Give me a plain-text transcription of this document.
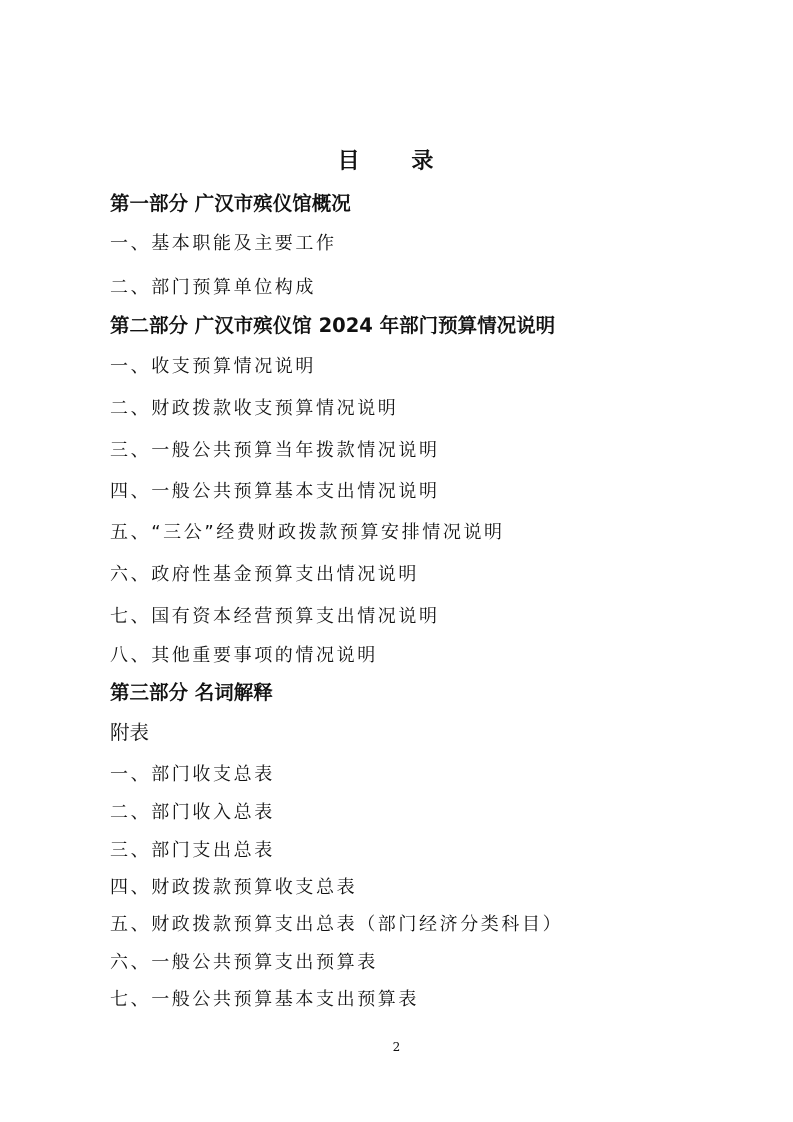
目 录
第一部分 广汉市殡仪馆概况
一、基本职能及主要工作
二、部门预算单位构成
第二部分 广汉市殡仪馆 2024 年部门预算情况说明
一、收支预算情况说明
二、财政拨款收支预算情况说明
三、一般公共预算当年拨款情况说明
四、一般公共预算基本支出情况说明
五、“三公”经费财政拨款预算安排情况说明
六、政府性基金预算支出情况说明
七、国有资本经营预算支出情况说明
八、其他重要事项的情况说明
第三部分 名词解释
附表
一、部门收支总表
二、部门收入总表
三、部门支出总表
四、财政拨款预算收支总表
五、财政拨款预算支出总表（部门经济分类科目）
六、一般公共预算支出预算表
七、一般公共预算基本支出预算表
2
